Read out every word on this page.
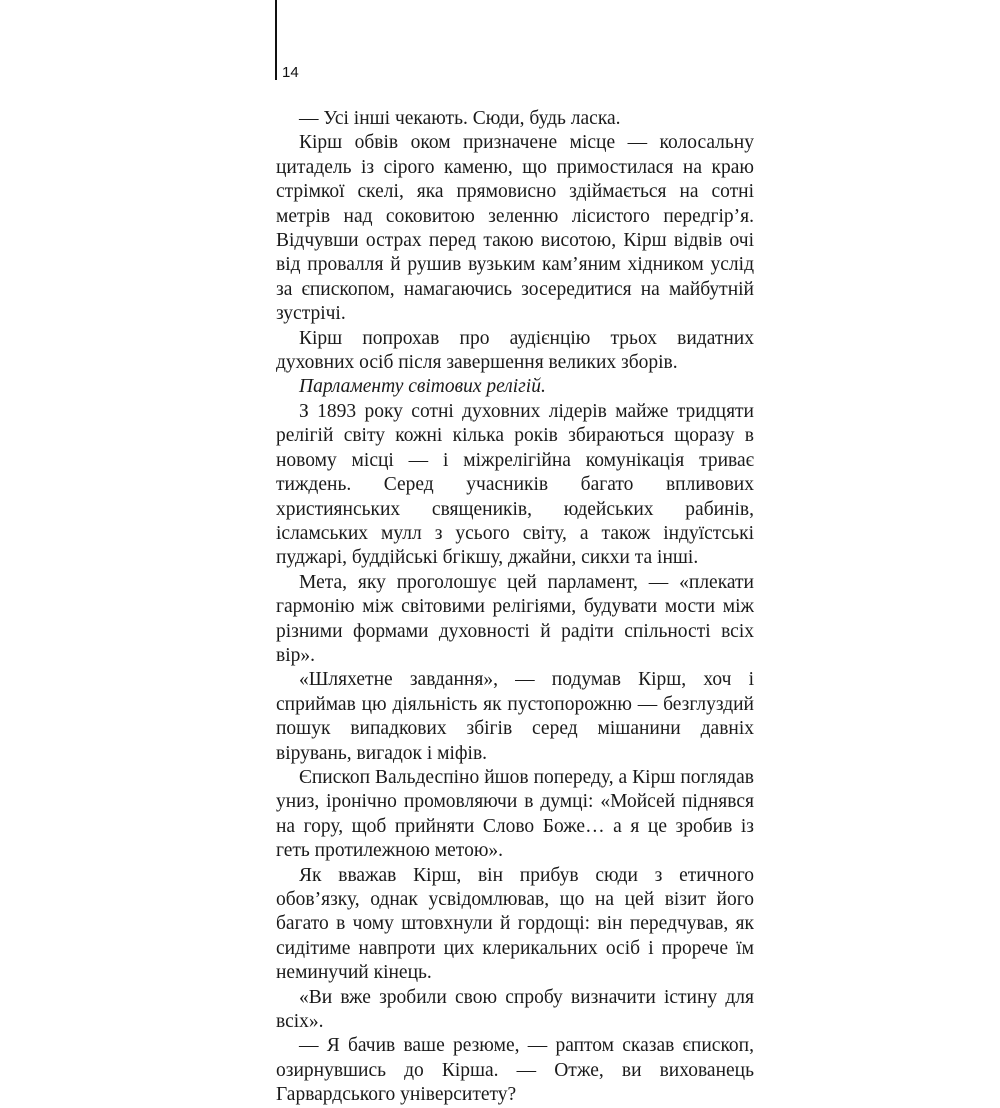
14

— Усі інші чекають. Сюди, будь ласка.

Кірш обвів оком призначене місце — колосальну цитадель із сірого каменю, що примостилася на краю стрімкої скелі, яка прямовисно здіймається на сотні метрів над соковитою зеленню лісистого передгір’я. Відчувши острах перед такою висотою, Кірш відвів очі від провалля й рушив вузьким кам’яним хідником услід за єпископом, намагаючись зосередитися на майбутній зустрічі.

Кірш попрохав про аудієнцію трьох видатних духовних осіб після завершення великих зборів.

Парламенту світових релігій.

З 1893 року сотні духовних лідерів майже тридцяти релігій світу кожні кілька років збираються щоразу в новому місці — і міжрелігійна комунікація триває тиждень. Серед учасників багато впливових християнських священиків, юдейських рабинів, ісламських мулл з усього світу, а також індуїстські пуджарі, буддійські бгікшу, джайни, сикхи та інші.

Мета, яку проголошує цей парламент, — «плекати гармонію між світовими релігіями, будувати мости між різними формами духовності й радіти спільності всіх вір».

«Шляхетне завдання», — подумав Кірш, хоч і сприймав цю діяльність як пустопорожню — безглуздий пошук випадкових збігів серед мішанини давніх вірувань, вигадок і міфів.

Єпископ Вальдеспіно йшов попереду, а Кірш поглядав униз, іронічно промовляючи в думці: «Мойсей піднявся на гору, щоб прийняти Слово Боже… а я це зробив із геть протилежною метою».

Як вважав Кірш, він прибув сюди з етичного обов’язку, однак усвідомлював, що на цей візит його багато в чому штовхнули й гордощі: він передчував, як сидітиме навпроти цих клерикальних осіб і прорече їм неминучий кінець.

«Ви вже зробили свою спробу визначити істину для всіх».

— Я бачив ваше резюме, — раптом сказав єпископ, озирнувшись до Кірша. — Отже, ви вихованець Гарвардського університету?
